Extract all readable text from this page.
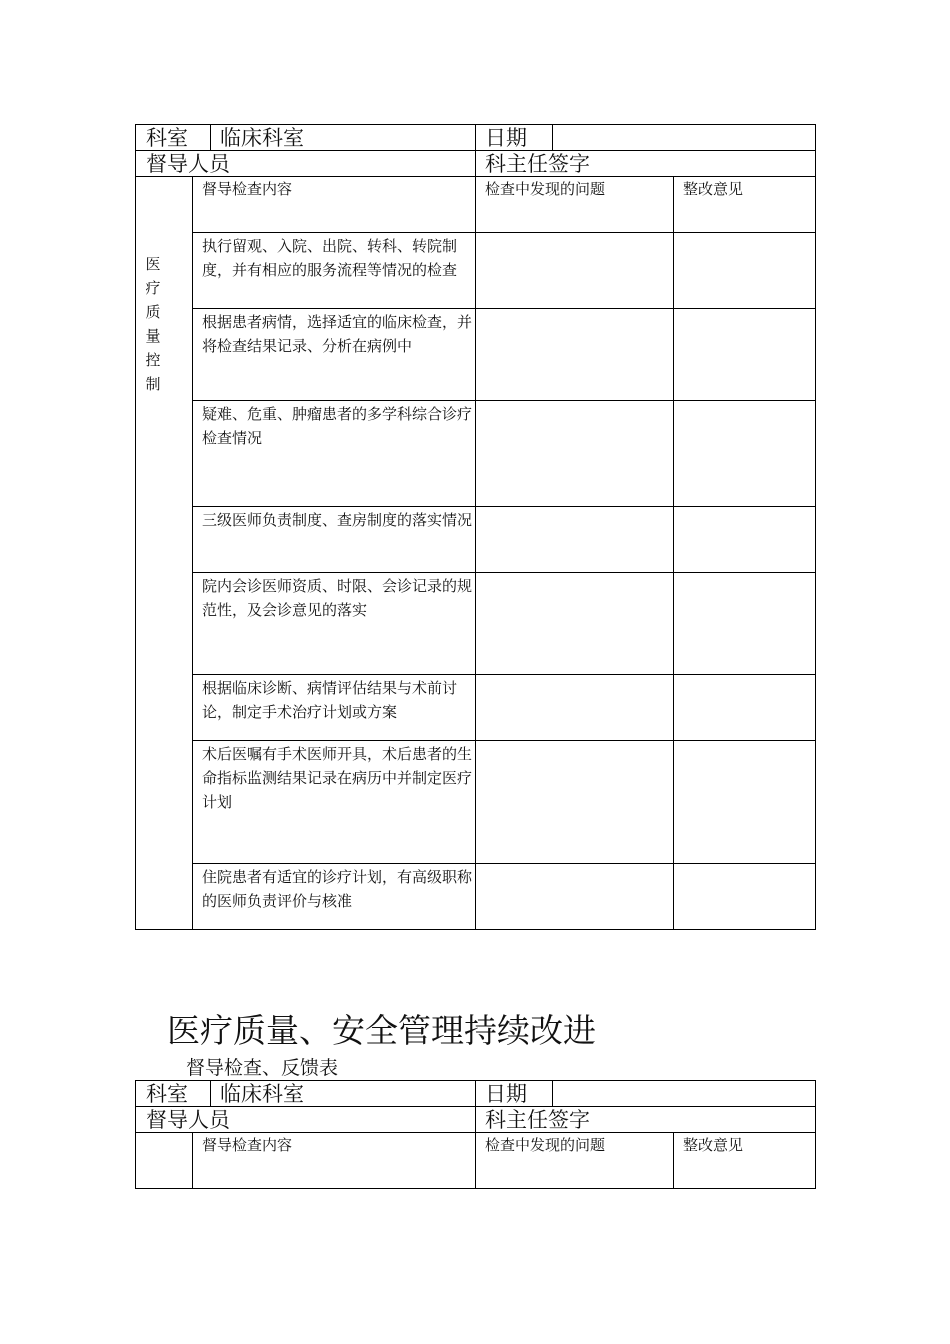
科室 临床科室	日期
督导人员	科主任签字
督导检查内容	检查中发现的问题	整改意见
医疗质量控制
执行留观、入院、出院、转科、转院制度，并有相应的服务流程等情况的检查
根据患者病情，选择适宜的临床检查，并将检查结果记录、分析在病例中
疑难、危重、肿瘤患者的多学科综合诊疗检查情况
三级医师负责制度、查房制度的落实情况
院内会诊医师资质、时限、会诊记录的规范性，及会诊意见的落实
根据临床诊断、病情评估结果与术前讨论，制定手术治疗计划或方案
术后医嘱有手术医师开具，术后患者的生命指标监测结果记录在病历中并制定医疗计划
住院患者有适宜的诊疗计划，有高级职称的医师负责评价与核准
医疗质量、安全管理持续改进
督导检查、反馈表
科室 临床科室	日期
督导人员	科主任签字
督导检查内容	检查中发现的问题	整改意见
